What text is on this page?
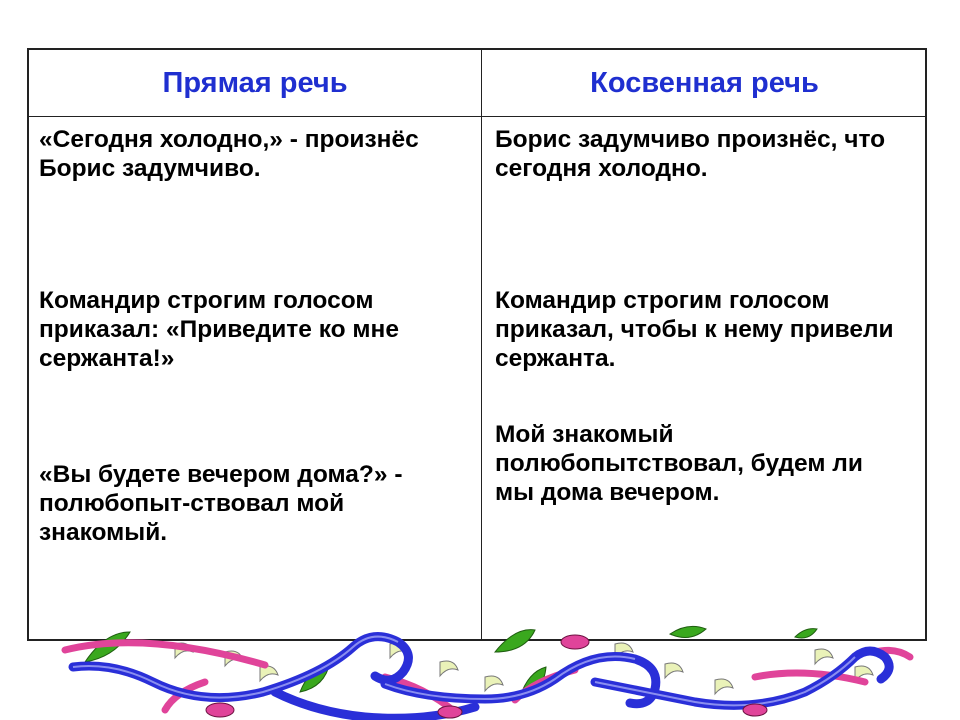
Прямая речь	Косвенная речь
«Сегодня холодно,» - произнёс Борис задумчиво.
Борис задумчиво произнёс, что сегодня холодно.
Командир строгим голосом приказал: «Приведите ко мне сержанта!»
Командир строгим голосом приказал, чтобы к нему привели сержанта.
«Вы будете вечером дома?» - полюбопыт-ствовал мой знакомый.
Мой знакомый полюбопытствовал, будем ли мы дома вечером.
